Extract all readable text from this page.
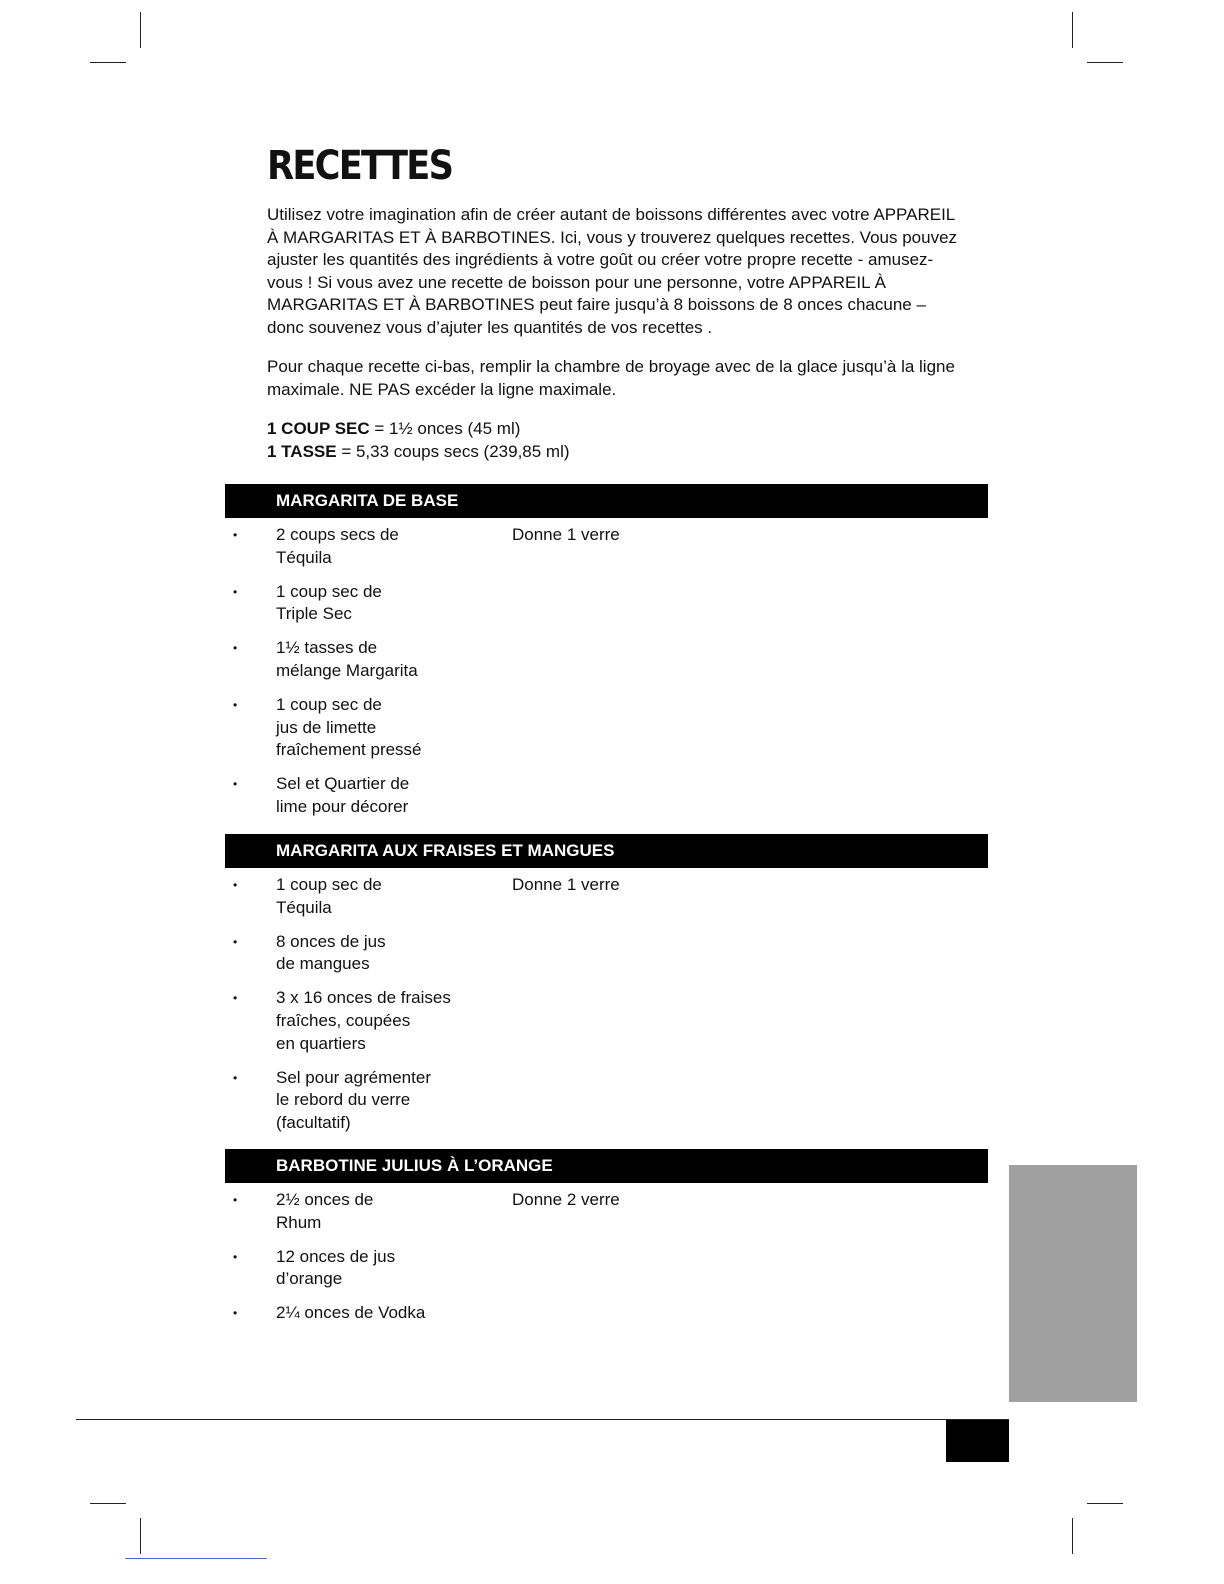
RECETTES

Utilisez votre imagination afin de créer autant de boissons différentes avec votre APPAREIL À MARGARITAS ET À BARBOTINES. Ici, vous y trouverez quelques recettes. Vous pouvez ajuster les quantités des ingrédients à votre goût ou créer votre propre recette - amusez-vous ! Si vous avez une recette de boisson pour une personne, votre APPAREIL À MARGARITAS ET À BARBOTINES peut faire jusqu’à 8 boissons de 8 onces chacune – donc souvenez vous d’ajuter les quantités de vos recettes .

Pour chaque recette ci-bas, remplir la chambre de broyage avec de la glace jusqu’à la ligne maximale. NE PAS excéder la ligne maximale.

1 COUP SEC = 1½ onces (45 ml)
1 TASSE = 5,33 coups secs (239,85 ml)
MARGARITA DE BASE
Donne 1 verre
• 2 coups secs de
Téquila
• 1 coup sec de
Triple Sec
• 1½ tasses de
mélange Margarita
• 1 coup sec de
jus de limette
fraîchement pressé
• Sel et Quartier de
lime pour décorer
MARGARITA AUX FRAISES ET MANGUES
Donne 1 verre
• 1 coup sec de
Téquila
• 8 onces de jus
de mangues
• 3 x 16 onces de fraises
fraîches, coupées
en quartiers
• Sel pour agrémenter
le rebord du verre
(facultatif)
BARBOTINE JULIUS À L’ORANGE
Donne 2 verre
• 2½ onces de
Rhum
• 12 onces de jus
d’orange
• 2¼ onces de Vodka
